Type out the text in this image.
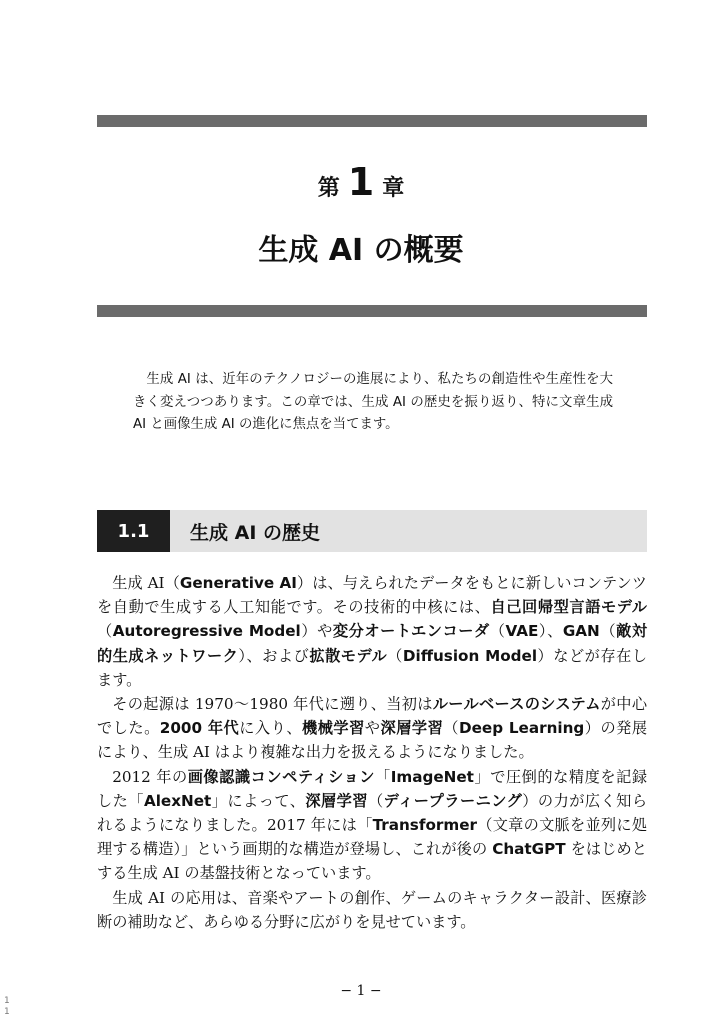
第 1 章
生成 AI の概要
生成 AI は、近年のテクノロジーの進展により、私たちの創造性や生産性を大きく変えつつあります。この章では、生成 AI の歴史を振り返り、特に文章生成 AI と画像生成 AI の進化に焦点を当てます。
1.1	生成 AI の歴史

生成 AI（Generative AI）は、与えられたデータをもとに新しいコンテンツを自動で生成する人工知能です。その技術的中核には、自己回帰型言語モデル（Autoregressive Model）や変分オートエンコーダ（VAE）、GAN（敵対的生成ネットワーク）、および拡散モデル（Diffusion Model）などが存在します。

その起源は 1970〜1980 年代に遡り、当初はルールベースのシステムが中心でした。2000 年代に入り、機械学習や深層学習（Deep Learning）の発展により、生成 AI はより複雑な出力を扱えるようになりました。

2012 年の画像認識コンペティション「ImageNet」で圧倒的な精度を記録した「AlexNet」によって、深層学習（ディープラーニング）の力が広く知られるようになりました。2017 年には「Transformer（文章の文脈を並列に処理する構造）」という画期的な構造が登場し、これが後の ChatGPT をはじめとする生成 AI の基盤技術となっています。

生成 AI の応用は、音楽やアートの創作、ゲームのキャラクター設計、医療診断の補助など、あらゆる分野に広がりを見せています。

− 1 −
1
1
